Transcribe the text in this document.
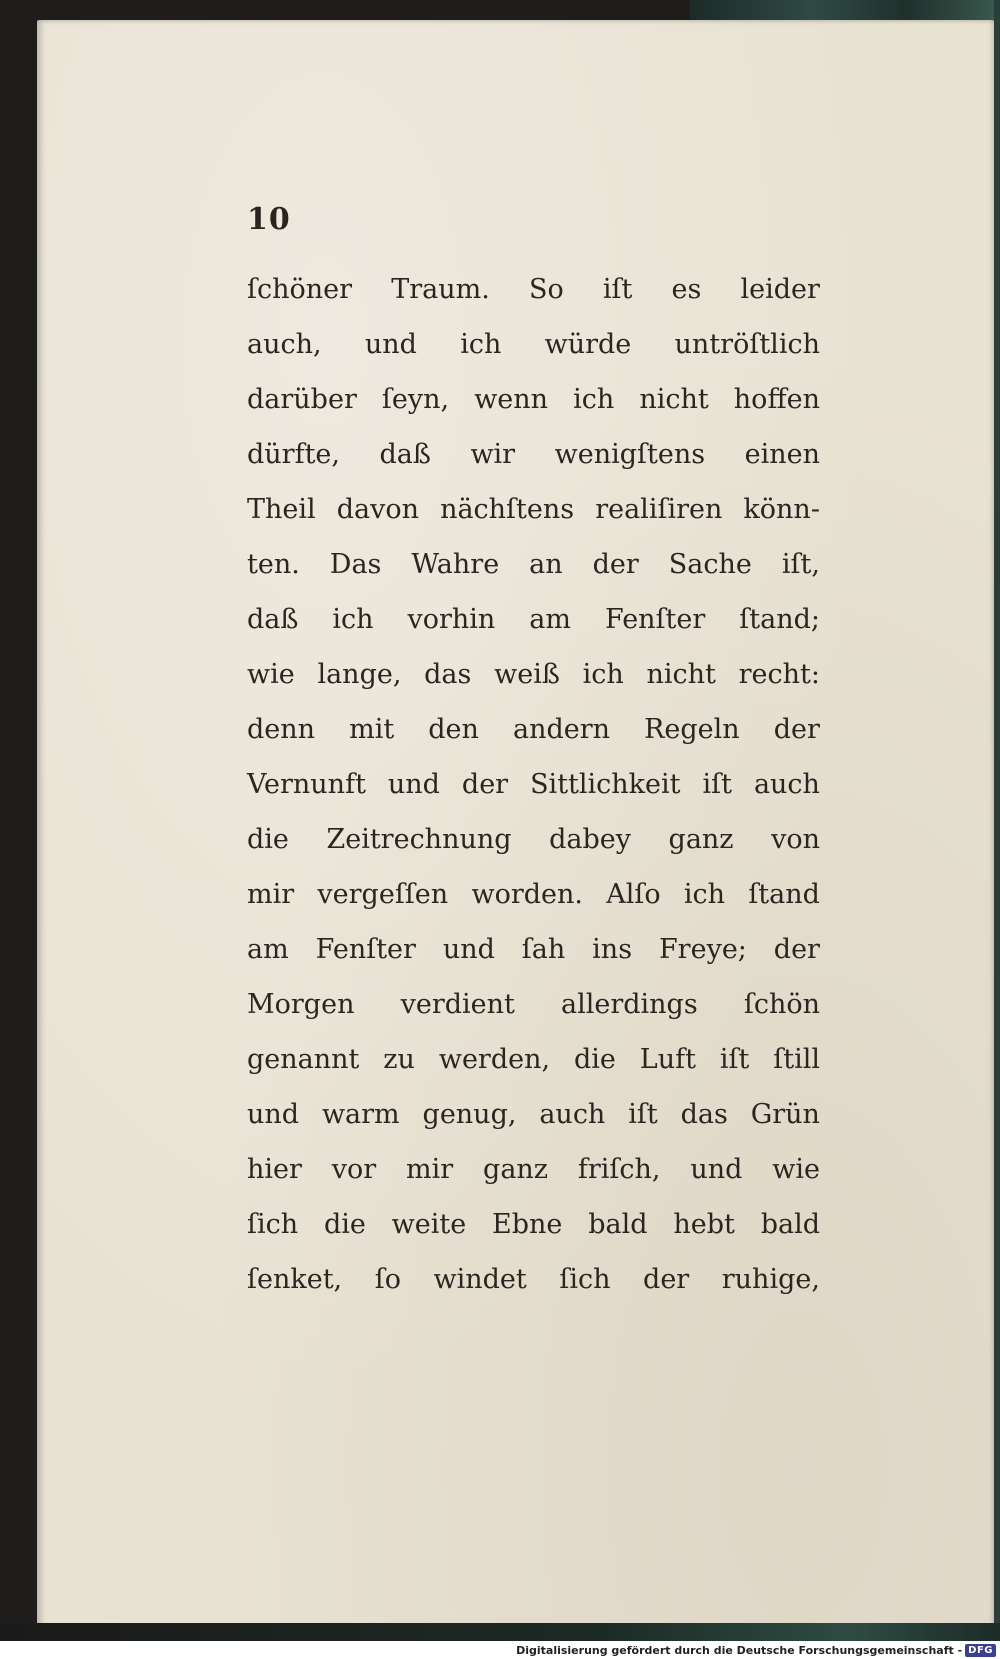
10
ſchöner Traum. So iſt es leider
auch, und ich würde untröſtlich
darüber ſeyn, wenn ich nicht hoffen
dürfte, daß wir wenigſtens einen
Theil davon nächſtens realiſiren könn-
ten. Das Wahre an der Sache iſt,
daß ich vorhin am Fenſter ſtand;
wie lange, das weiß ich nicht recht:
denn mit den andern Regeln der
Vernunft und der Sittlichkeit iſt auch
die Zeitrechnung dabey ganz von
mir vergeſſen worden. Alſo ich ſtand
am Fenſter und ſah ins Freye; der
Morgen verdient allerdings ſchön
genannt zu werden, die Luft iſt ſtill
und warm genug, auch iſt das Grün
hier vor mir ganz friſch, und wie
ſich die weite Ebne bald hebt bald
ſenket, ſo windet ſich der ruhige,
Digitalisierung gefördert durch die Deutsche Forschungsgemeinschaft - DFG
